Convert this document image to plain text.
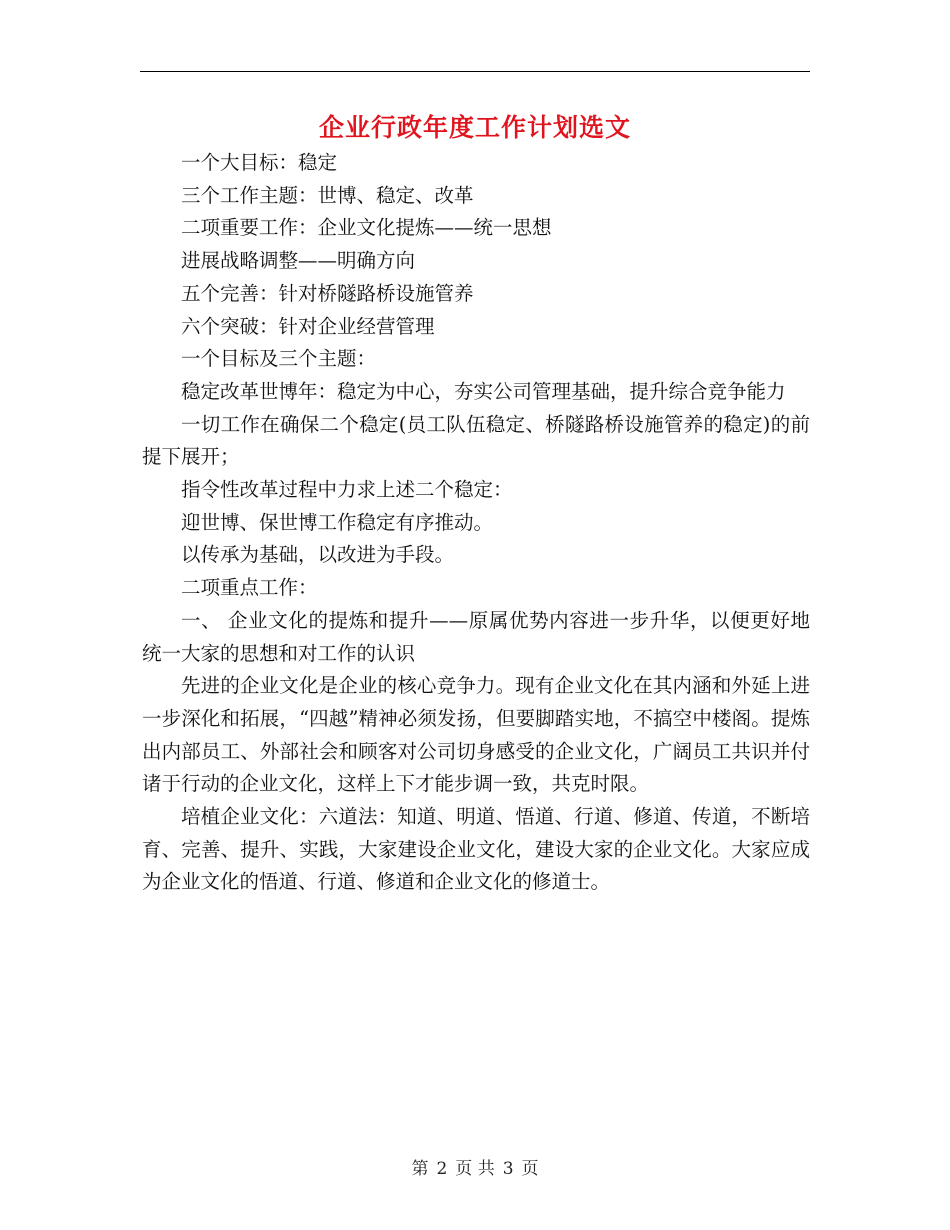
企业行政年度工作计划选文

一个大目标：稳定

三个工作主题：世博、稳定、改革

二项重要工作：企业文化提炼——统一思想

进展战略调整——明确方向

五个完善：针对桥隧路桥设施管养

六个突破：针对企业经营管理

一个目标及三个主题：

稳定改革世博年：稳定为中心，夯实公司管理基础，提升综合竞争能力

一切工作在确保二个稳定(员工队伍稳定、桥隧路桥设施管养的稳定)的前提下展开；

指令性改革过程中力求上述二个稳定：

迎世博、保世博工作稳定有序推动。

以传承为基础，以改进为手段。

二项重点工作：

一、 企业文化的提炼和提升——原属优势内容进一步升华，以便更好地统一大家的思想和对工作的认识

先进的企业文化是企业的核心竞争力。现有企业文化在其内涵和外延上进一步深化和拓展，“四越”精神必须发扬，但要脚踏实地，不搞空中楼阁。提炼出内部员工、外部社会和顾客对公司切身感受的企业文化，广阔员工共识并付诸于行动的企业文化，这样上下才能步调一致，共克时限。

培植企业文化：六道法：知道、明道、悟道、行道、修道、传道，不断培育、完善、提升、实践，大家建设企业文化，建设大家的企业文化。大家应成为企业文化的悟道、行道、修道和企业文化的修道士。

第 2 页 共 3 页
